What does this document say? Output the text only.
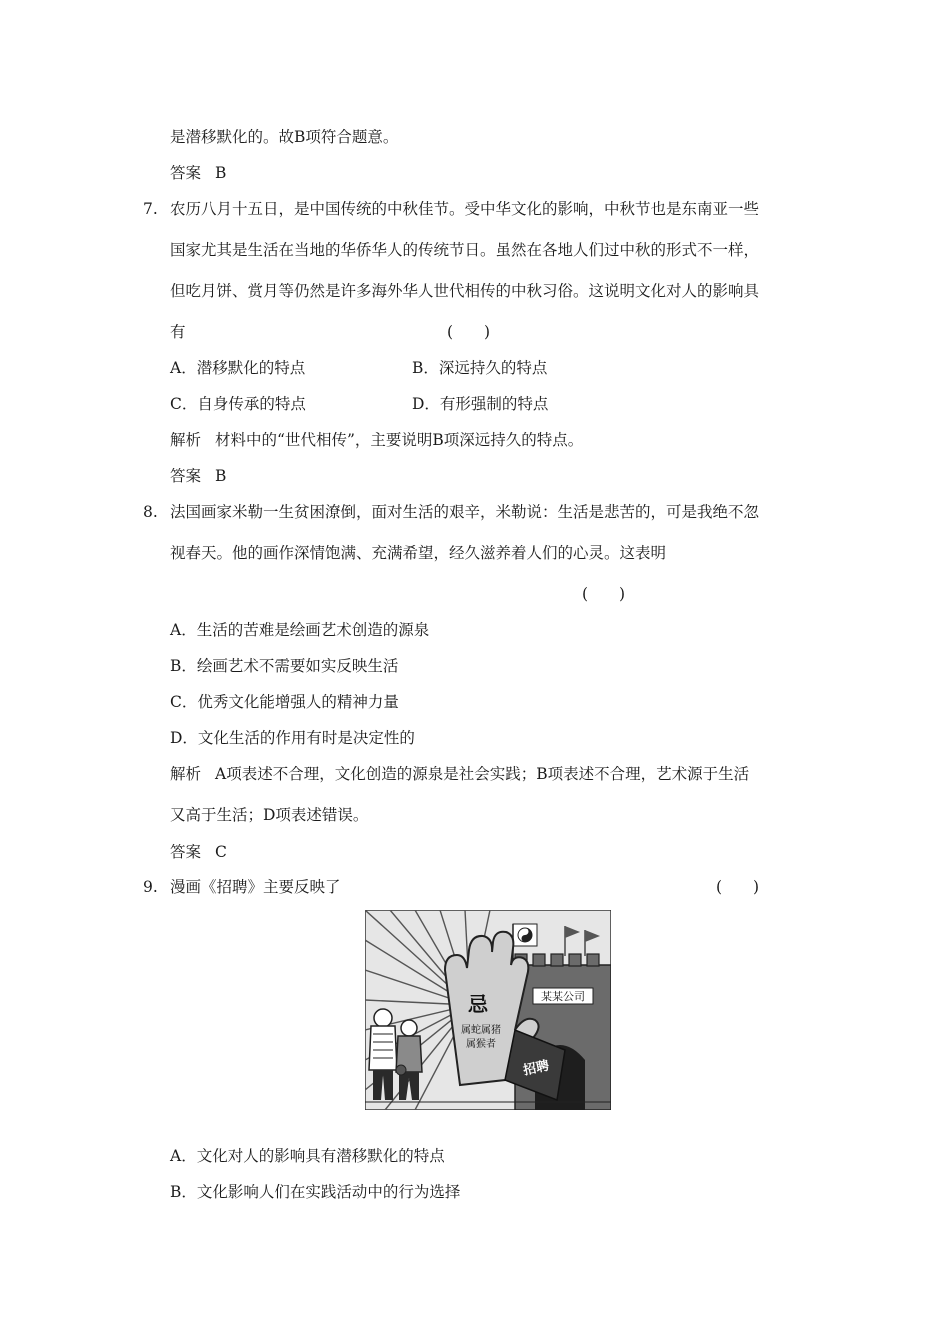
是潜移默化的。故B项符合题意。
答案 B
7. 农历八月十五日，是中国传统的中秋佳节。受中华文化的影响，中秋节也是东南亚一些
国家尤其是生活在当地的华侨华人的传统节日。虽然在各地人们过中秋的形式不一样，
但吃月饼、赏月等仍然是许多海外华人世代相传的中秋习俗。这说明文化对人的影响具
有	(　　)
A．潜移默化的特点	B．深远持久的特点
C．自身传承的特点	D．有形强制的特点
解析 材料中的“世代相传”，主要说明B项深远持久的特点。
答案 B
8. 法国画家米勒一生贫困潦倒，面对生活的艰辛，米勒说：生活是悲苦的，可是我绝不忽
视春天。他的画作深情饱满、充满希望，经久滋养着人们的心灵。这表明
(　　)
A．生活的苦难是绘画艺术创造的源泉
B．绘画艺术不需要如实反映生活
C．优秀文化能增强人的精神力量
D．文化生活的作用有时是决定性的
解析 A项表述不合理，文化创造的源泉是社会实践；B项表述不合理，艺术源于生活
又高于生活；D项表述错误。
答案 C
9. 漫画《招聘》主要反映了	(　　)
某某公司
忌
属蛇属猪
属猴者
招聘
A．文化对人的影响具有潜移默化的特点
B．文化影响人们在实践活动中的行为选择
